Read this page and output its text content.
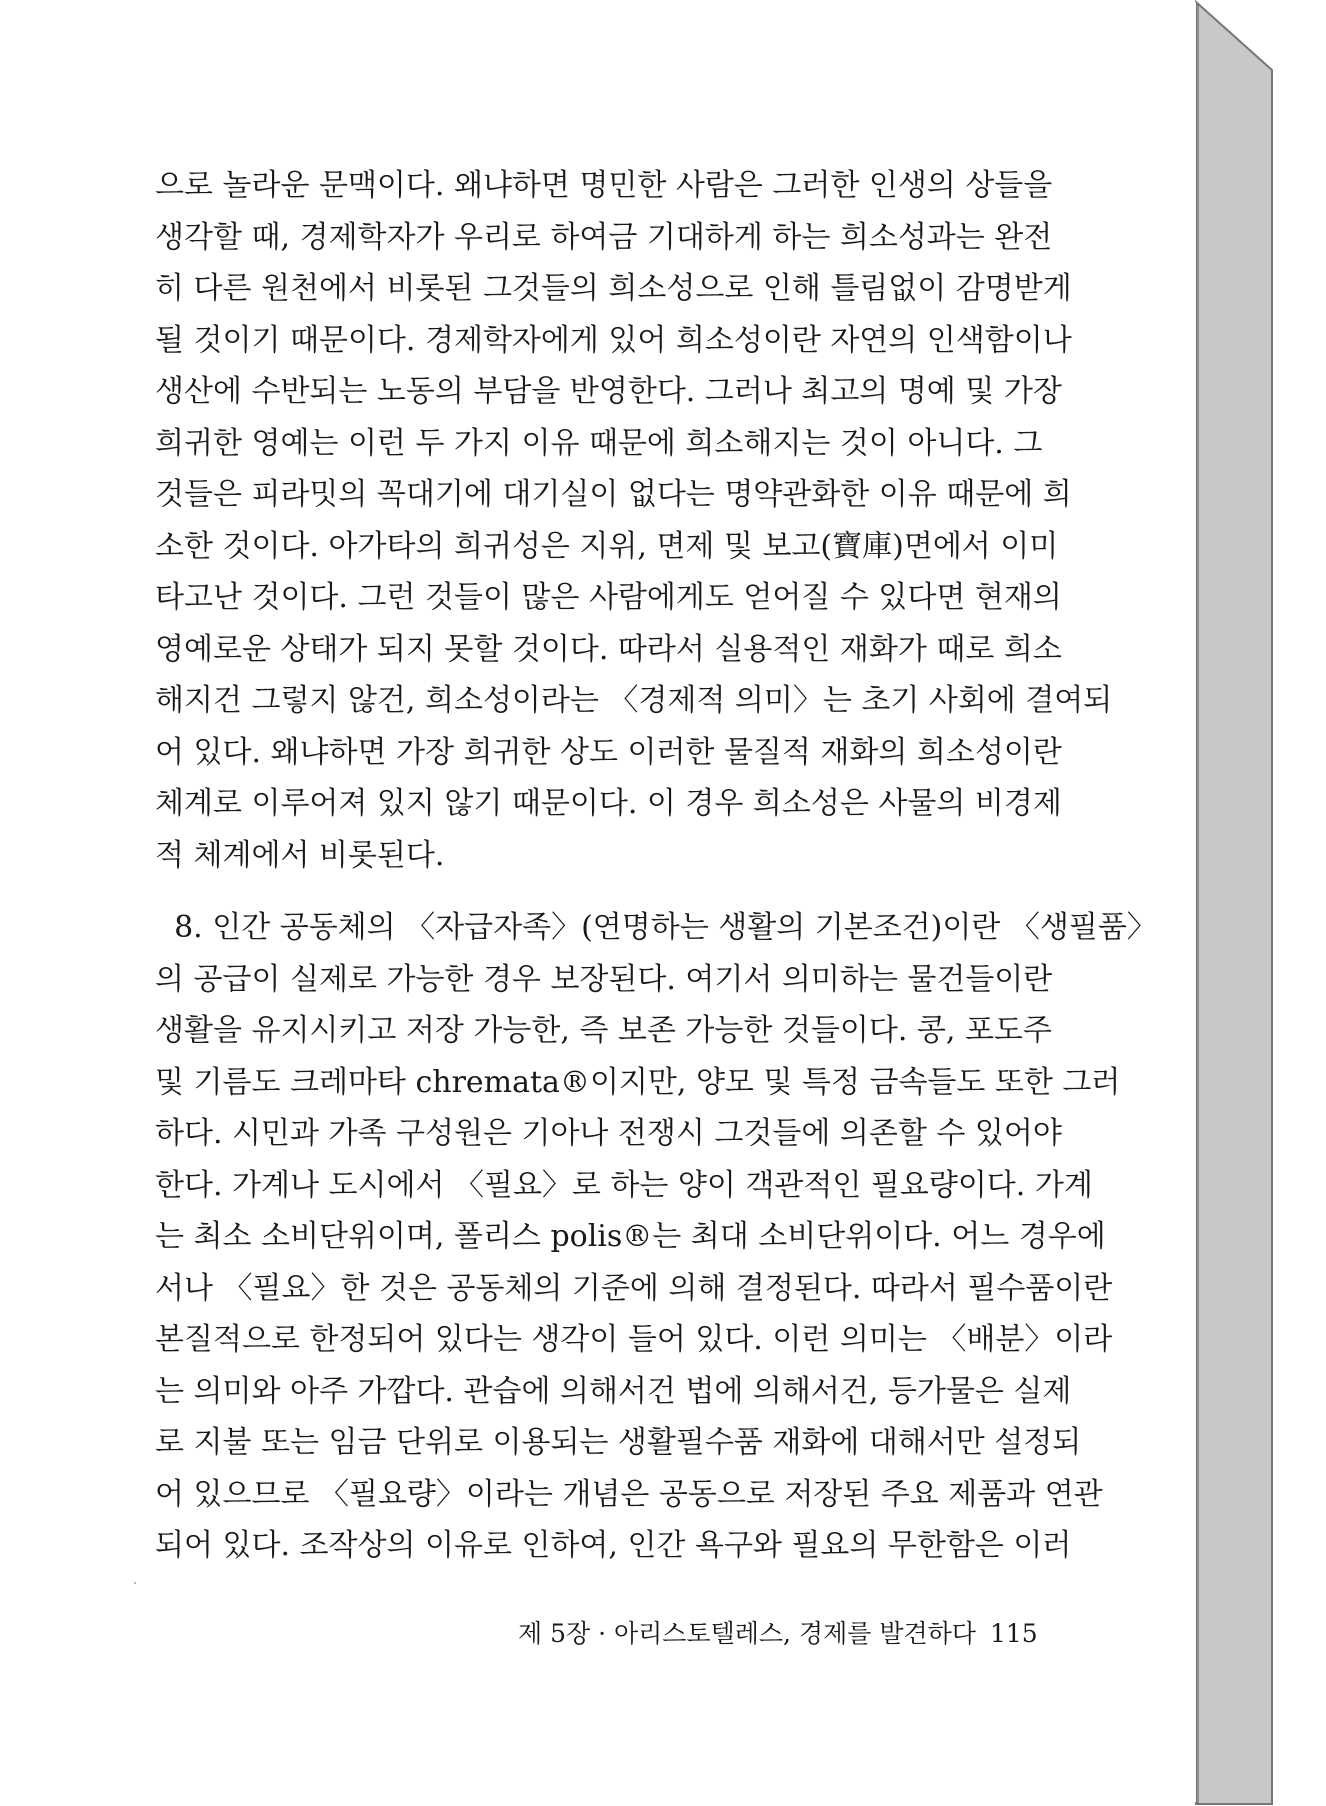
으로 놀라운 문맥이다. 왜냐하면 명민한 사람은 그러한 인생의 상들을
생각할 때, 경제학자가 우리로 하여금 기대하게 하는 희소성과는 완전
히 다른 원천에서 비롯된 그것들의 희소성으로 인해 틀림없이 감명받게
될 것이기 때문이다. 경제학자에게 있어 희소성이란 자연의 인색함이나
생산에 수반되는 노동의 부담을 반영한다. 그러나 최고의 명예 및 가장
희귀한 영예는 이런 두 가지 이유 때문에 희소해지는 것이 아니다. 그
것들은 피라밋의 꼭대기에 대기실이 없다는 명약관화한 이유 때문에 희
소한 것이다. 아가타의 희귀성은 지위, 면제 및 보고(寶庫)면에서 이미
타고난 것이다. 그런 것들이 많은 사람에게도 얻어질 수 있다면 현재의
영예로운 상태가 되지 못할 것이다. 따라서 실용적인 재화가 때로 희소
해지건 그렇지 않건, 희소성이라는 〈경제적 의미〉는 초기 사회에 결여되
어 있다. 왜냐하면 가장 희귀한 상도 이러한 물질적 재화의 희소성이란
체계로 이루어져 있지 않기 때문이다. 이 경우 희소성은 사물의 비경제
적 체계에서 비롯된다.
8. 인간 공동체의 〈자급자족〉(연명하는 생활의 기본조건)이란 〈생필품〉
의 공급이 실제로 가능한 경우 보장된다. 여기서 의미하는 물건들이란
생활을 유지시키고 저장 가능한, 즉 보존 가능한 것들이다. 콩, 포도주
및 기름도 크레마타 chremata®이지만, 양모 및 특정 금속들도 또한 그러
하다. 시민과 가족 구성원은 기아나 전쟁시 그것들에 의존할 수 있어야
한다. 가계나 도시에서 〈필요〉로 하는 양이 객관적인 필요량이다. 가계
는 최소 소비단위이며, 폴리스 polis®는 최대 소비단위이다. 어느 경우에
서나 〈필요〉한 것은 공동체의 기준에 의해 결정된다. 따라서 필수품이란
본질적으로 한정되어 있다는 생각이 들어 있다. 이런 의미는 〈배분〉이라
는 의미와 아주 가깝다. 관습에 의해서건 법에 의해서건, 등가물은 실제
로 지불 또는 임금 단위로 이용되는 생활필수품 재화에 대해서만 설정되
어 있으므로 〈필요량〉이라는 개념은 공동으로 저장된 주요 제품과 연관
되어 있다. 조작상의 이유로 인하여, 인간 욕구와 필요의 무한함은 이러
제 5장 · 아리스토텔레스, 경제를 발견하다 115
